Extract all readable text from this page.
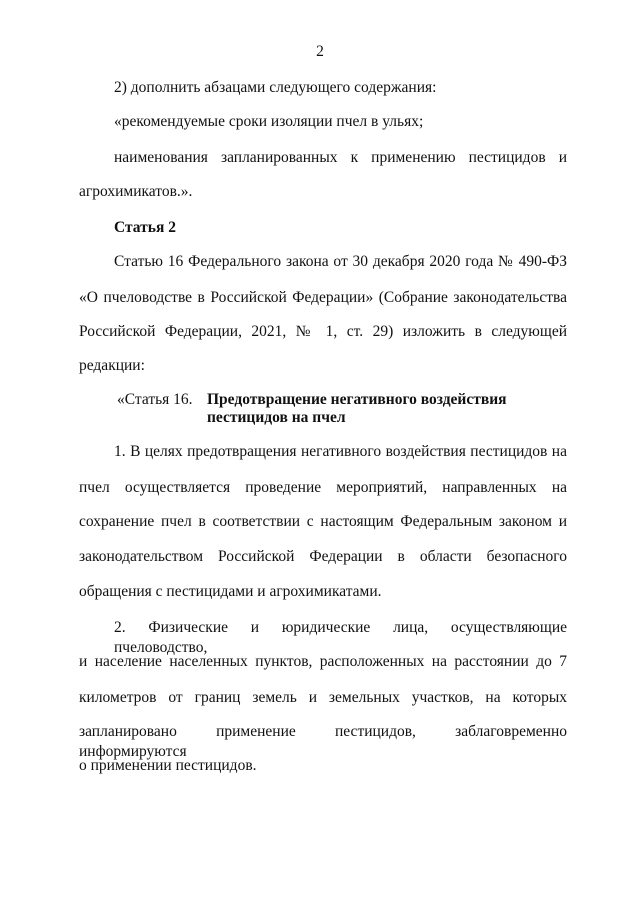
2
2) дополнить абзацами следующего содержания:
«рекомендуемые сроки изоляции пчел в ульях;
наименования запланированных к применению пестицидов и
агрохимикатов.».
Статья 2
Статью 16 Федерального закона от 30 декабря 2020 года № 490-ФЗ
«О пчеловодстве в Российской Федерации» (Собрание законодательства
Российской Федерации, 2021, № 1, ст. 29) изложить в следующей
редакции:
«Статья 16. Предотвращение негативного воздействия
пестицидов на пчел
1. В целях предотвращения негативного воздействия пестицидов на
пчел осуществляется проведение мероприятий, направленных на
сохранение пчел в соответствии с настоящим Федеральным законом и
законодательством Российской Федерации в области безопасного
обращения с пестицидами и агрохимикатами.
2. Физические и юридические лица, осуществляющие пчеловодство,
и население населенных пунктов, расположенных на расстоянии до 7
километров от границ земель и земельных участков, на которых
запланировано применение пестицидов, заблаговременно информируются
о применении пестицидов.
